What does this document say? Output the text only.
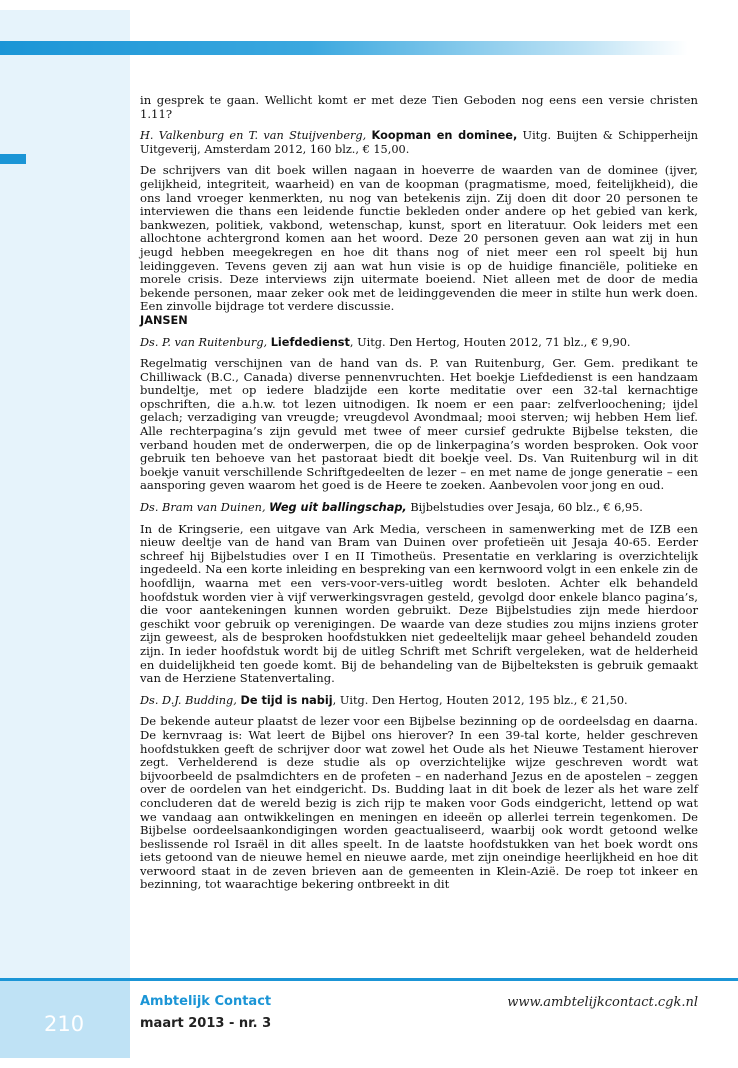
in gesprek te gaan. Wellicht komt er met deze Tien Geboden nog eens een versie christen 1.11?

H. Valkenburg en T. van Stuijvenberg, Koopman en dominee, Uitg. Buijten & Schipperheijn Uitgeverij, Amsterdam 2012, 160 blz., € 15,00.

De schrijvers van dit boek willen nagaan in hoeverre de waarden van de dominee (ijver, gelijkheid, integriteit, waarheid) en van de koopman (pragmatisme, moed, feitelijkheid), die ons land vroeger kenmerkten, nu nog van betekenis zijn. Zij doen dit door 20 personen te interviewen die thans een leidende functie bekleden onder andere op het gebied van kerk, bankwezen, politiek, vakbond, wetenschap, kunst, sport en literatuur. Ook leiders met een allochtone achtergrond komen aan het woord. Deze 20 personen geven aan wat zij in hun jeugd hebben meegekregen en hoe dit thans nog of niet meer een rol speelt bij hun leidinggeven. Tevens geven zij aan wat hun visie is op de huidige financiële, politieke en morele crisis. Deze interviews zijn uitermate boeiend. Niet alleen met de door de media bekende personen, maar zeker ook met de leidinggevenden die meer in stilte hun werk doen. Een zinvolle bijdrage tot verdere discussie.

JANSEN

Ds. P. van Ruitenburg, Liefdedienst, Uitg. Den Hertog, Houten 2012, 71 blz., € 9,90.

Regelmatig verschijnen van de hand van ds. P. van Ruitenburg, Ger. Gem. predikant te Chilliwack (B.C., Canada) diverse pennenvruchten. Het boekje Liefdedienst is een handzaam bundeltje, met op iedere bladzijde een korte meditatie over een 32-tal kernachtige opschriften, die a.h.w. tot lezen uitnodigen. Ik noem er een paar: zelfverloochening; ijdel gelach; verzadiging van vreugde; vreugdevol Avondmaal; mooi sterven; wij hebben Hem lief. Alle rechterpagina’s zijn gevuld met twee of meer cursief gedrukte Bijbelse teksten, die verband houden met de onderwerpen, die op de linkerpagina’s worden besproken. Ook voor gebruik ten behoeve van het pastoraat biedt dit boekje veel. Ds. Van Ruitenburg wil in dit boekje vanuit verschillende Schriftgedeelten de lezer – en met name de jonge generatie – een aansporing geven waarom het goed is de Heere te zoeken. Aanbevolen voor jong en oud.

Ds. Bram van Duinen, Weg uit ballingschap, Bijbelstudies over Jesaja, 60 blz., € 6,95.

In de Kringserie, een uitgave van Ark Media, verscheen in samenwerking met de IZB een nieuw deeltje van de hand van Bram van Duinen over profetieën uit Jesaja 40-65. Eerder schreef hij Bijbelstudies over I en II Timotheüs. Presentatie en verklaring is overzichtelijk ingedeeld. Na een korte inleiding en bespreking van een kernwoord volgt in een enkele zin de hoofdlijn, waarna met een vers-voor-vers-uitleg wordt besloten. Achter elk behandeld hoofdstuk worden vier à vijf verwerkingsvragen gesteld, gevolgd door enkele blanco pagina’s, die voor aantekeningen kunnen worden gebruikt. Deze Bijbelstudies zijn mede hierdoor geschikt voor gebruik op verenigingen. De waarde van deze studies zou mijns inziens groter zijn geweest, als de besproken hoofdstukken niet gedeeltelijk maar geheel behandeld zouden zijn. In ieder hoofdstuk wordt bij de uitleg Schrift met Schrift vergeleken, wat de helderheid en duidelijkheid ten goede komt. Bij de behandeling van de Bijbelteksten is gebruik gemaakt van de Herziene Statenvertaling.

Ds. D.J. Budding, De tijd is nabij, Uitg. Den Hertog, Houten 2012, 195 blz., € 21,50.

De bekende auteur plaatst de lezer voor een Bijbelse bezinning op de oordeelsdag en daarna. De kernvraag is: Wat leert de Bijbel ons hierover? In een 39-tal korte, helder geschreven hoofdstukken geeft de schrijver door wat zowel het Oude als het Nieuwe Testament hierover zegt. Verhelderend is deze studie als op overzichtelijke wijze geschreven wordt wat bijvoorbeeld de psalmdichters en de profeten – en naderhand Jezus en de apostelen – zeggen over de oordelen van het eindgericht. Ds. Budding laat in dit boek de lezer als het ware zelf concluderen dat de wereld bezig is zich rijp te maken voor Gods eindgericht, lettend op wat we vandaag aan ontwikkelingen en meningen en ideeën op allerlei terrein tegenkomen. De Bijbelse oordeelsaankondigingen worden geactualiseerd, waarbij ook wordt getoond welke beslissende rol Israël in dit alles speelt. In de laatste hoofdstukken van het boek wordt ons iets getoond van de nieuwe hemel en nieuwe aarde, met zijn oneindige heerlijkheid en hoe dit verwoord staat in de zeven brieven aan de gemeenten in Klein-Azië. De roep tot inkeer en bezinning, tot waarachtige bekering ontbreekt in dit

210
Ambtelijk Contact
maart 2013 - nr. 3
www.ambtelijkcontact.cgk.nl
